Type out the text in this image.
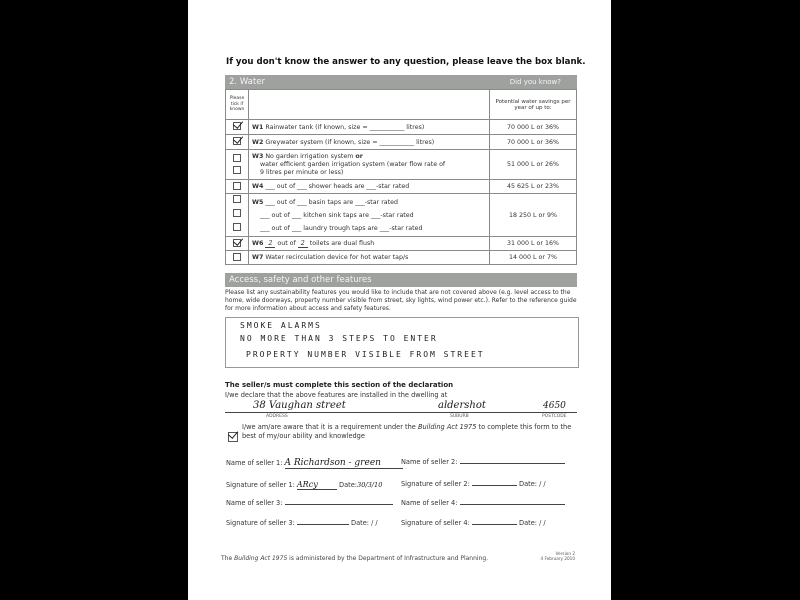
If you don't know the answer to any question, please leave the box blank.
2. Water	Did you know?
Please tick if known		Potential water savings per year of up to:
	W1 Rainwater tank (if known, size = ___________ litres)	70 000 L or 36%
	W2 Greywater system (if known, size = ___________ litres)	70 000 L or 36%

	W3 No garden irrigation system or
water efficient garden irrigation system (water flow rate of
9 litres per minute or less)	51 000 L or 26%
	W4 ___ out of ___ shower heads are ___-star rated	45 625 L or 23%

	W5 ___ out of ___ basin taps are ___-star rated
___ out of ___ kitchen sink taps are ___-star rated
___ out of ___ laundry trough taps are ___-star rated	18 250 L or 9%
	W6 2 out of 2 toilets are dual flush	31 000 L or 16%
	W7 Water recirculation device for hot water tap/s	14 000 L or 7%
Access, safety and other features
Please list any sustainability features you would like to include that are not covered above (e.g. level access to the home, wide doorways, property number visible from street, sky lights, wind power etc.). Refer to the reference guide for more information about access and safety features.
SMOKE ALARMS
NO MORE THAN 3 STEPS TO ENTER
PROPERTY NUMBER VISIBLE FROM STREET
The seller/s must complete this section of the declaration
I/we declare that the above features are installed in the dwelling at
38 Vaughan street	aldershot	4650
ADDRESS	SUBURB	POSTCODE
I/we am/are aware that it is a requirement under the Building Act 1975 to complete this form to the best of my/our ability and knowledge
Name of seller 1: A Richardson - green	Name of seller 2:
Signature of seller 1: ARcy	Date:30/3/10	Signature of seller 2:	Date: / /
Name of seller 3:	Name of seller 4:
Signature of seller 3:	Date: / /	Signature of seller 4:	Date: / /
The Building Act 1975 is administered by the Department of Infrastructure and Planning.
Version 2
4 February 2010
